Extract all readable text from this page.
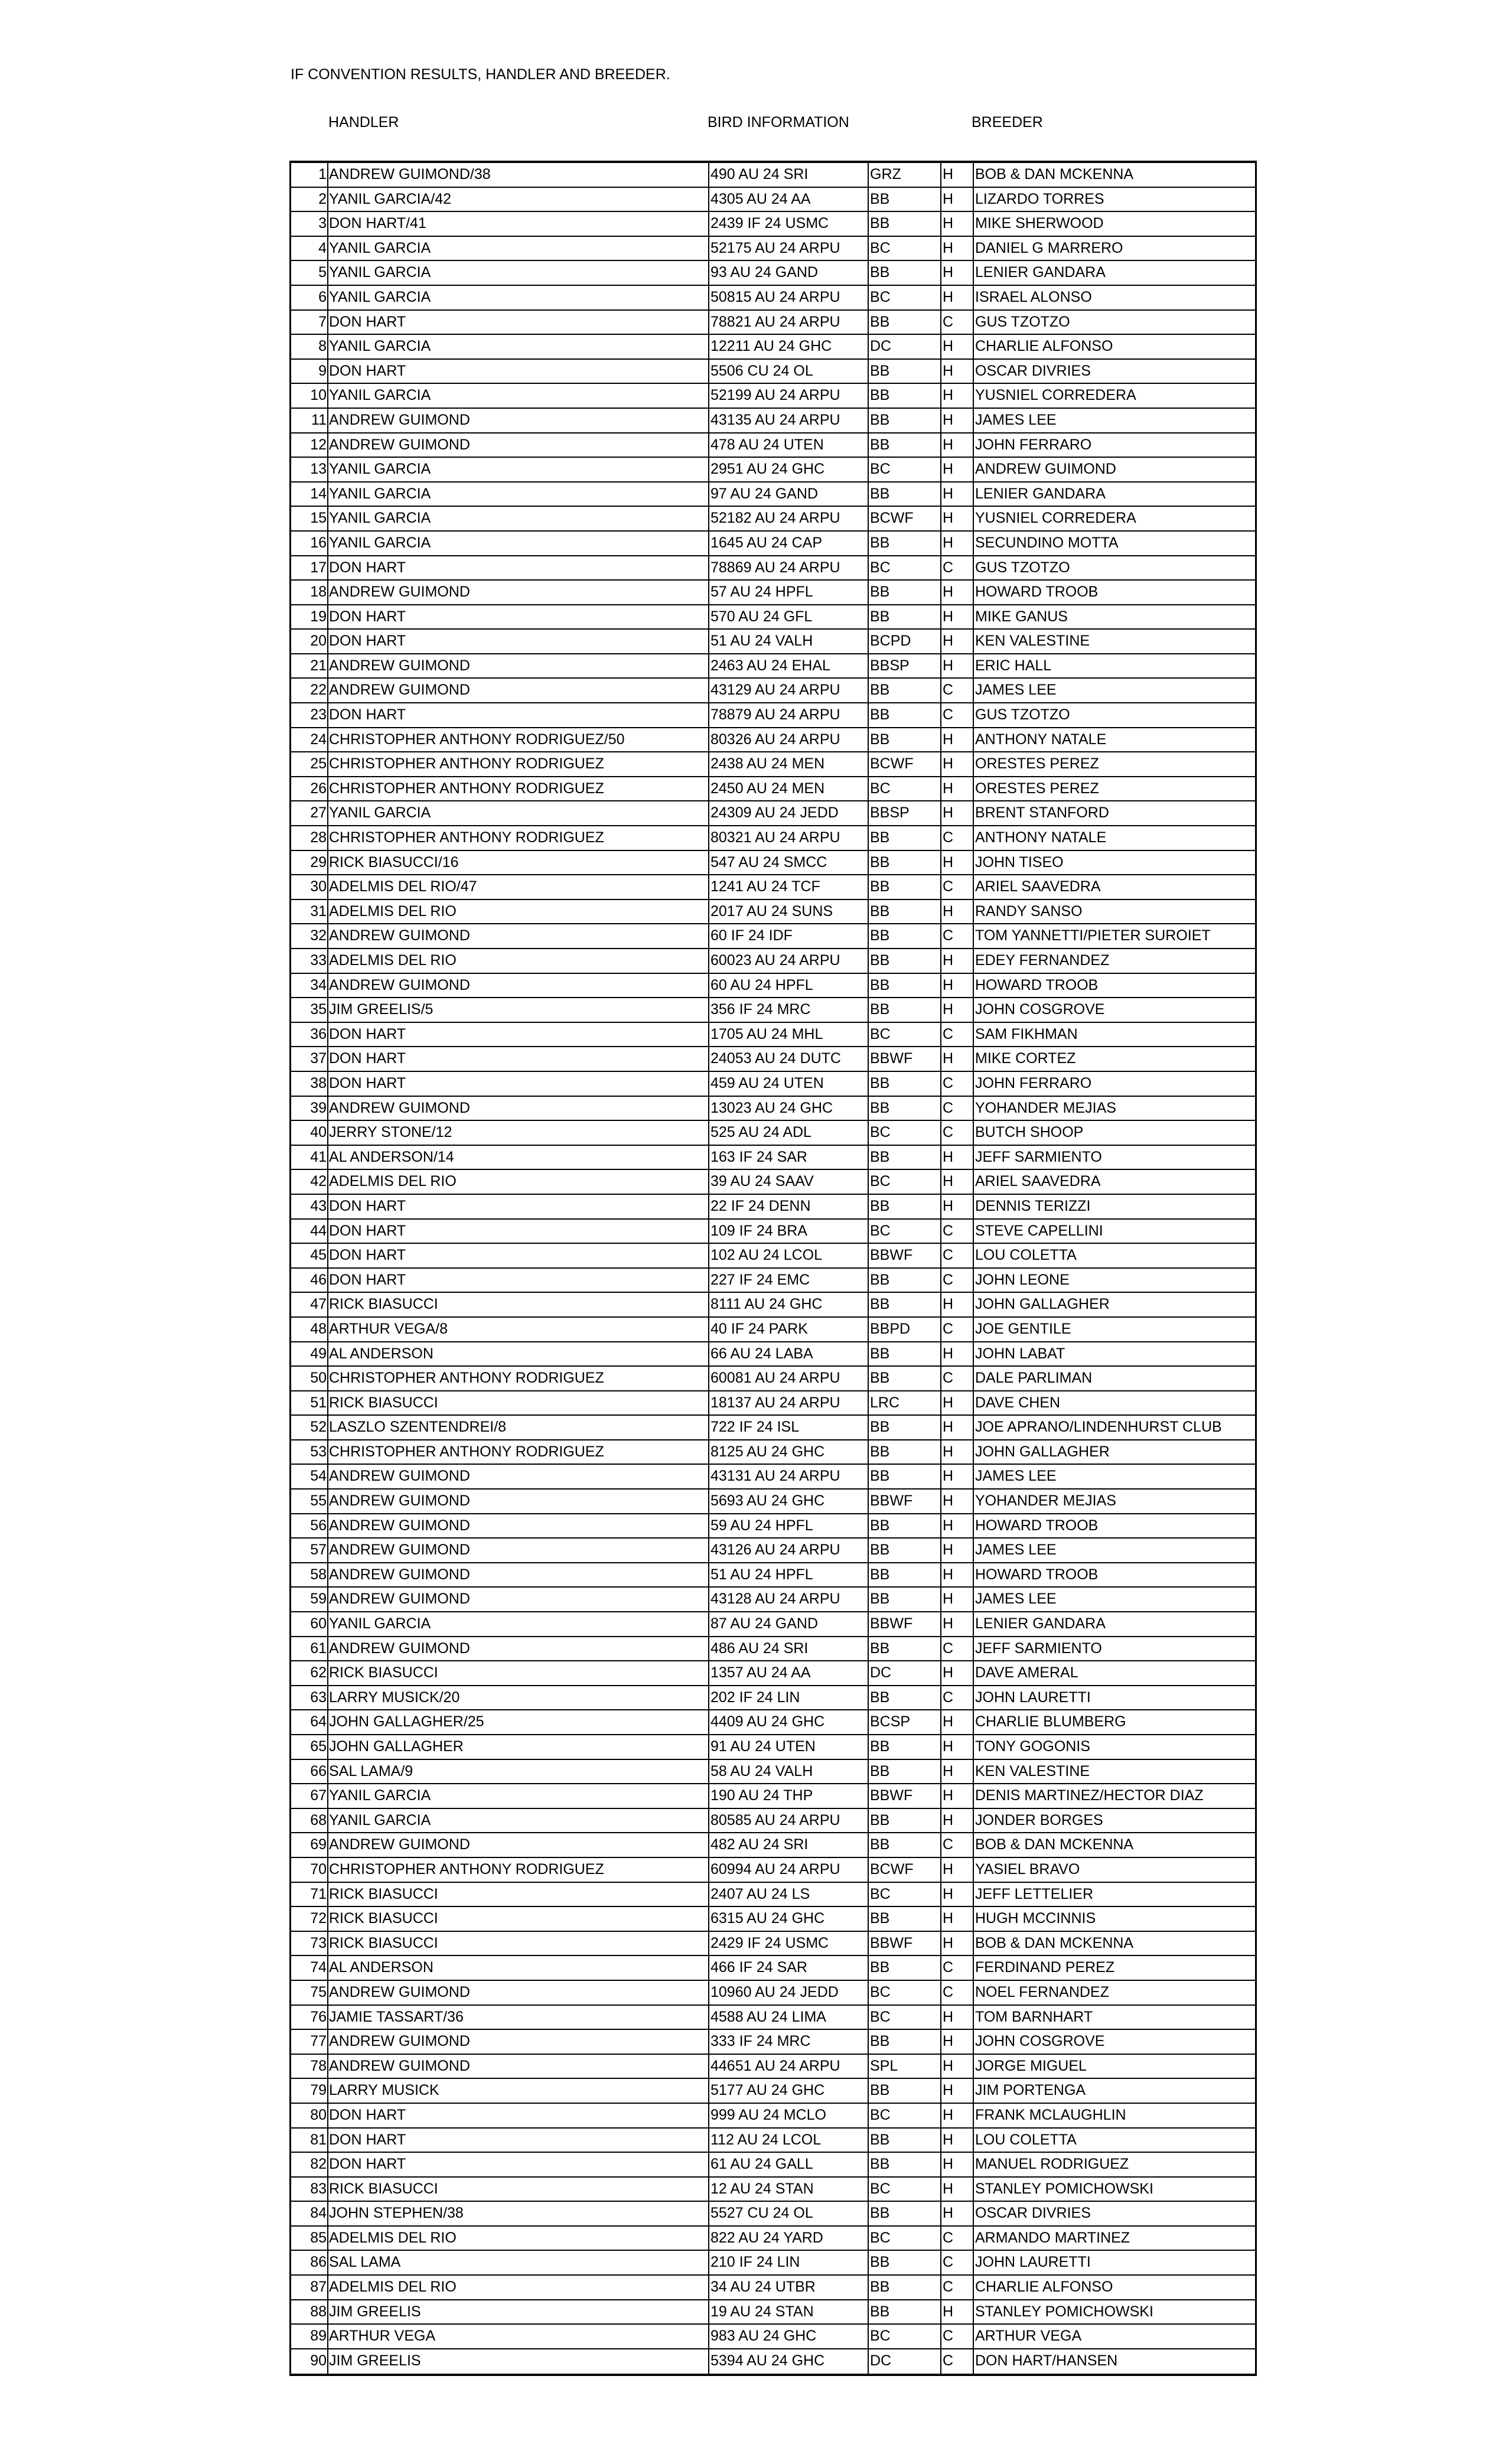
IF CONVENTION RESULTS, HANDLER AND BREEDER.
HANDLER	BIRD INFORMATION	BREEDER
1 ANDREW GUIMOND/38	490 AU 24 SRI	GRZ	H	BOB & DAN MCKENNA
2 YANIL GARCIA/42	4305 AU 24 AA	BB	H	LIZARDO TORRES
3 DON HART/41	2439 IF 24 USMC	BB	H	MIKE SHERWOOD
4 YANIL GARCIA	52175 AU 24 ARPU	BC	H	DANIEL G MARRERO
5 YANIL GARCIA	93 AU 24 GAND	BB	H	LENIER GANDARA
6 YANIL GARCIA	50815 AU 24 ARPU	BC	H	ISRAEL ALONSO
7 DON HART	78821 AU 24 ARPU	BB	C	GUS TZOTZO
8 YANIL GARCIA	12211 AU 24 GHC	DC	H	CHARLIE ALFONSO
9 DON HART	5506 CU 24 OL	BB	H	OSCAR DIVRIES
10 YANIL GARCIA	52199 AU 24 ARPU	BB	H	YUSNIEL CORREDERA
11 ANDREW GUIMOND	43135 AU 24 ARPU	BB	H	JAMES LEE
12 ANDREW GUIMOND	478 AU 24 UTEN	BB	H	JOHN FERRARO
13 YANIL GARCIA	2951 AU 24 GHC	BC	H	ANDREW GUIMOND
14 YANIL GARCIA	97 AU 24 GAND	BB	H	LENIER GANDARA
15 YANIL GARCIA	52182 AU 24 ARPU	BCWF	H	YUSNIEL CORREDERA
16 YANIL GARCIA	1645 AU 24 CAP	BB	H	SECUNDINO MOTTA
17 DON HART	78869 AU 24 ARPU	BC	C	GUS TZOTZO
18 ANDREW GUIMOND	57 AU 24 HPFL	BB	H	HOWARD TROOB
19 DON HART	570 AU 24 GFL	BB	H	MIKE GANUS
20 DON HART	51 AU 24 VALH	BCPD	H	KEN VALESTINE
21 ANDREW GUIMOND	2463 AU 24 EHAL	BBSP	H	ERIC HALL
22 ANDREW GUIMOND	43129 AU 24 ARPU	BB	C	JAMES LEE
23 DON HART	78879 AU 24 ARPU	BB	C	GUS TZOTZO
24 CHRISTOPHER ANTHONY RODRIGUEZ/50	80326 AU 24 ARPU	BB	H	ANTHONY NATALE
25 CHRISTOPHER ANTHONY RODRIGUEZ	2438 AU 24 MEN	BCWF	H	ORESTES PEREZ
26 CHRISTOPHER ANTHONY RODRIGUEZ	2450 AU 24 MEN	BC	H	ORESTES PEREZ
27 YANIL GARCIA	24309 AU 24 JEDD	BBSP	H	BRENT STANFORD
28 CHRISTOPHER ANTHONY RODRIGUEZ	80321 AU 24 ARPU	BB	C	ANTHONY NATALE
29 RICK BIASUCCI/16	547 AU 24 SMCC	BB	H	JOHN TISEO
30 ADELMIS DEL RIO/47	1241 AU 24 TCF	BB	C	ARIEL SAAVEDRA
31 ADELMIS DEL RIO	2017 AU 24 SUNS	BB	H	RANDY SANSO
32 ANDREW GUIMOND	60 IF 24 IDF	BB	C	TOM YANNETTI/PIETER SUROIET
33 ADELMIS DEL RIO	60023 AU 24 ARPU	BB	H	EDEY FERNANDEZ
34 ANDREW GUIMOND	60 AU 24 HPFL	BB	H	HOWARD TROOB
35 JIM GREELIS/5	356 IF 24 MRC	BB	H	JOHN COSGROVE
36 DON HART	1705 AU 24 MHL	BC	C	SAM FIKHMAN
37 DON HART	24053 AU 24 DUTC	BBWF	H	MIKE CORTEZ
38 DON HART	459 AU 24 UTEN	BB	C	JOHN FERRARO
39 ANDREW GUIMOND	13023 AU 24 GHC	BB	C	YOHANDER MEJIAS
40 JERRY STONE/12	525 AU 24 ADL	BC	C	BUTCH SHOOP
41 AL ANDERSON/14	163 IF 24 SAR	BB	H	JEFF SARMIENTO
42 ADELMIS DEL RIO	39 AU 24 SAAV	BC	H	ARIEL SAAVEDRA
43 DON HART	22 IF 24 DENN	BB	H	DENNIS TERIZZI
44 DON HART	109 IF 24 BRA	BC	C	STEVE CAPELLINI
45 DON HART	102 AU 24 LCOL	BBWF	C	LOU COLETTA
46 DON HART	227 IF 24 EMC	BB	C	JOHN LEONE
47 RICK BIASUCCI	8111 AU 24 GHC	BB	H	JOHN GALLAGHER
48 ARTHUR VEGA/8	40 IF 24 PARK	BBPD	C	JOE GENTILE
49 AL ANDERSON	66 AU 24 LABA	BB	H	JOHN LABAT
50 CHRISTOPHER ANTHONY RODRIGUEZ	60081 AU 24 ARPU	BB	C	DALE PARLIMAN
51 RICK BIASUCCI	18137 AU 24 ARPU	LRC	H	DAVE CHEN
52 LASZLO SZENTENDREI/8	722 IF 24 ISL	BB	H	JOE APRANO/LINDENHURST CLUB
53 CHRISTOPHER ANTHONY RODRIGUEZ	8125 AU 24 GHC	BB	H	JOHN GALLAGHER
54 ANDREW GUIMOND	43131 AU 24 ARPU	BB	H	JAMES LEE
55 ANDREW GUIMOND	5693 AU 24 GHC	BBWF	H	YOHANDER MEJIAS
56 ANDREW GUIMOND	59 AU 24 HPFL	BB	H	HOWARD TROOB
57 ANDREW GUIMOND	43126 AU 24 ARPU	BB	H	JAMES LEE
58 ANDREW GUIMOND	51 AU 24 HPFL	BB	H	HOWARD TROOB
59 ANDREW GUIMOND	43128 AU 24 ARPU	BB	H	JAMES LEE
60 YANIL GARCIA	87 AU 24 GAND	BBWF	H	LENIER GANDARA
61 ANDREW GUIMOND	486 AU 24 SRI	BB	C	JEFF SARMIENTO
62 RICK BIASUCCI	1357 AU 24 AA	DC	H	DAVE AMERAL
63 LARRY MUSICK/20	202 IF 24 LIN	BB	C	JOHN LAURETTI
64 JOHN GALLAGHER/25	4409 AU 24 GHC	BCSP	H	CHARLIE BLUMBERG
65 JOHN GALLAGHER	91 AU 24 UTEN	BB	H	TONY GOGONIS
66 SAL LAMA/9	58 AU 24 VALH	BB	H	KEN VALESTINE
67 YANIL GARCIA	190 AU 24 THP	BBWF	H	DENIS MARTINEZ/HECTOR DIAZ
68 YANIL GARCIA	80585 AU 24 ARPU	BB	H	JONDER BORGES
69 ANDREW GUIMOND	482 AU 24 SRI	BB	C	BOB & DAN MCKENNA
70 CHRISTOPHER ANTHONY RODRIGUEZ	60994 AU 24 ARPU	BCWF	H	YASIEL BRAVO
71 RICK BIASUCCI	2407 AU 24 LS	BC	H	JEFF LETTELIER
72 RICK BIASUCCI	6315 AU 24 GHC	BB	H	HUGH MCCINNIS
73 RICK BIASUCCI	2429 IF 24 USMC	BBWF	H	BOB & DAN MCKENNA
74 AL ANDERSON	466 IF 24 SAR	BB	C	FERDINAND PEREZ
75 ANDREW GUIMOND	10960 AU 24 JEDD	BC	C	NOEL FERNANDEZ
76 JAMIE TASSART/36	4588 AU 24 LIMA	BC	H	TOM BARNHART
77 ANDREW GUIMOND	333 IF 24 MRC	BB	H	JOHN COSGROVE
78 ANDREW GUIMOND	44651 AU 24 ARPU	SPL	H	JORGE MIGUEL
79 LARRY MUSICK	5177 AU 24 GHC	BB	H	JIM PORTENGA
80 DON HART	999 AU 24 MCLO	BC	H	FRANK MCLAUGHLIN
81 DON HART	112 AU 24 LCOL	BB	H	LOU COLETTA
82 DON HART	61 AU 24 GALL	BB	H	MANUEL RODRIGUEZ
83 RICK BIASUCCI	12 AU 24 STAN	BC	H	STANLEY POMICHOWSKI
84 JOHN STEPHEN/38	5527 CU 24 OL	BB	H	OSCAR DIVRIES
85 ADELMIS DEL RIO	822 AU 24 YARD	BC	C	ARMANDO MARTINEZ
86 SAL LAMA	210 IF 24 LIN	BB	C	JOHN LAURETTI
87 ADELMIS DEL RIO	34 AU 24 UTBR	BB	C	CHARLIE ALFONSO
88 JIM GREELIS	19 AU 24 STAN	BB	H	STANLEY POMICHOWSKI
89 ARTHUR VEGA	983 AU 24 GHC	BC	C	ARTHUR VEGA
90 JIM GREELIS	5394 AU 24 GHC	DC	C	DON HART/HANSEN
